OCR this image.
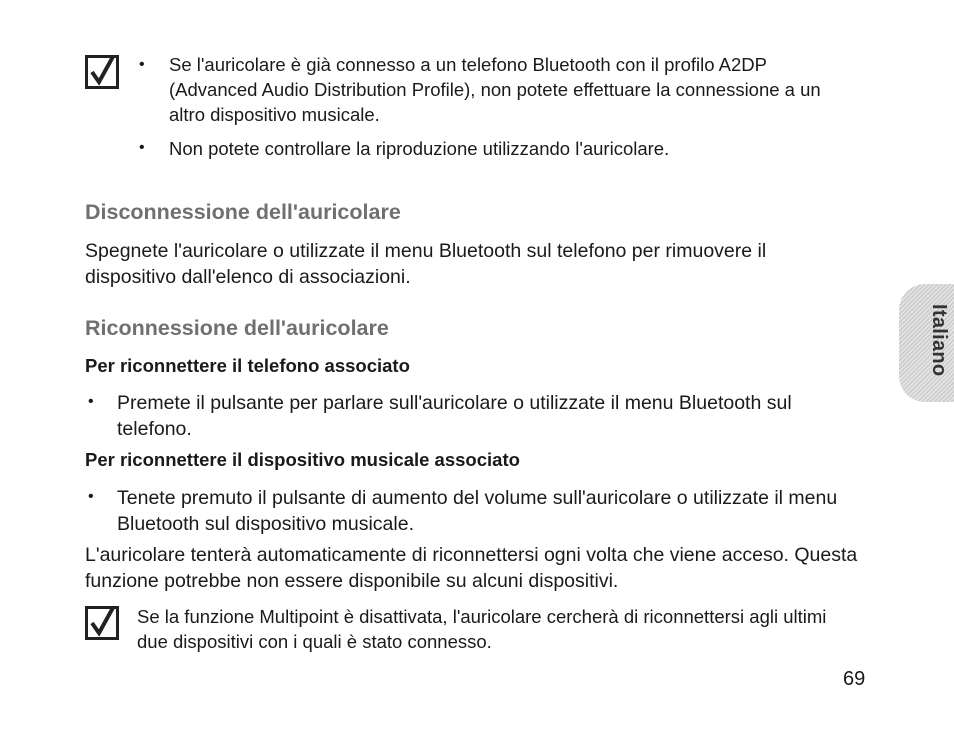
• Se l'auricolare è già connesso a un telefono Bluetooth con il profilo A2DP (Advanced Audio Distribution Profile), non potete effettuare la connessione a un altro dispositivo musicale.
• Non potete controllare la riproduzione utilizzando l'auricolare.
Disconnessione dell'auricolare
Spegnete l'auricolare o utilizzate il menu Bluetooth sul telefono per rimuovere il dispositivo dall'elenco di associazioni.
Riconnessione dell'auricolare
Per riconnettere il telefono associato
• Premete il pulsante per parlare sull'auricolare o utilizzate il menu Bluetooth sul telefono.
Per riconnettere il dispositivo musicale associato
• Tenete premuto il pulsante di aumento del volume sull'auricolare o utilizzate il menu Bluetooth sul dispositivo musicale.
L'auricolare tenterà automaticamente di riconnettersi ogni volta che viene acceso. Questa funzione potrebbe non essere disponibile su alcuni dispositivi.
Se la funzione Multipoint è disattivata, l'auricolare cercherà di riconnettersi agli ultimi due dispositivi con i quali è stato connesso.
Italiano
69
